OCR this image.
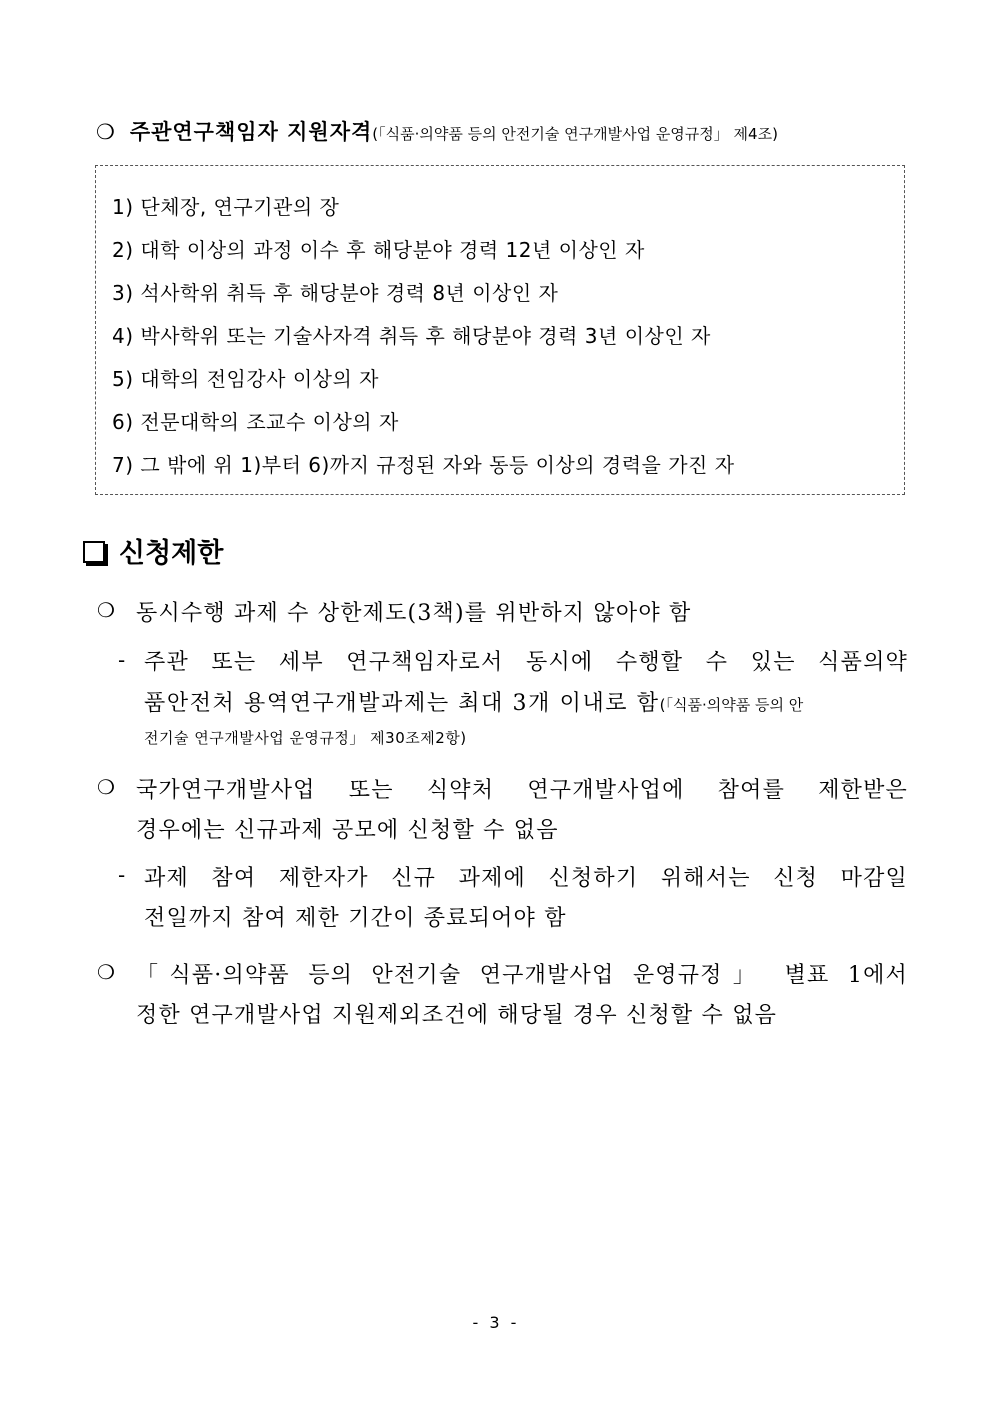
❍ 주관연구책임자 지원자격(「식품·의약품 등의 안전기술 연구개발사업 운영규정」 제4조)
1) 단체장, 연구기관의 장
2) 대학 이상의 과정 이수 후 해당분야 경력 12년 이상인 자
3) 석사학위 취득 후 해당분야 경력 8년 이상인 자
4) 박사학위 또는 기술사자격 취득 후 해당분야 경력 3년 이상인 자
5) 대학의 전임강사 이상의 자
6) 전문대학의 조교수 이상의 자
7) 그 밖에 위 1)부터 6)까지 규정된 자와 동등 이상의 경력을 가진 자
신청제한
❍ 동시수행 과제 수 상한제도(3책)를 위반하지 않아야 함
- 주관 또는 세부 연구책임자로서 동시에 수행할 수 있는 식품의약
품안전처 용역연구개발과제는 최대 3개 이내로 함(「식품·의약품 등의 안
전기술 연구개발사업 운영규정」 제30조제2항)
❍ 국가연구개발사업 또는 식약처 연구개발사업에 참여를 제한받은
경우에는 신규과제 공모에 신청할 수 없음
- 과제 참여 제한자가 신규 과제에 신청하기 위해서는 신청 마감일
전일까지 참여 제한 기간이 종료되어야 함
❍ 「식품·의약품 등의 안전기술 연구개발사업 운영규정」 별표 1에서
정한 연구개발사업 지원제외조건에 해당될 경우 신청할 수 없음
- 3 -
